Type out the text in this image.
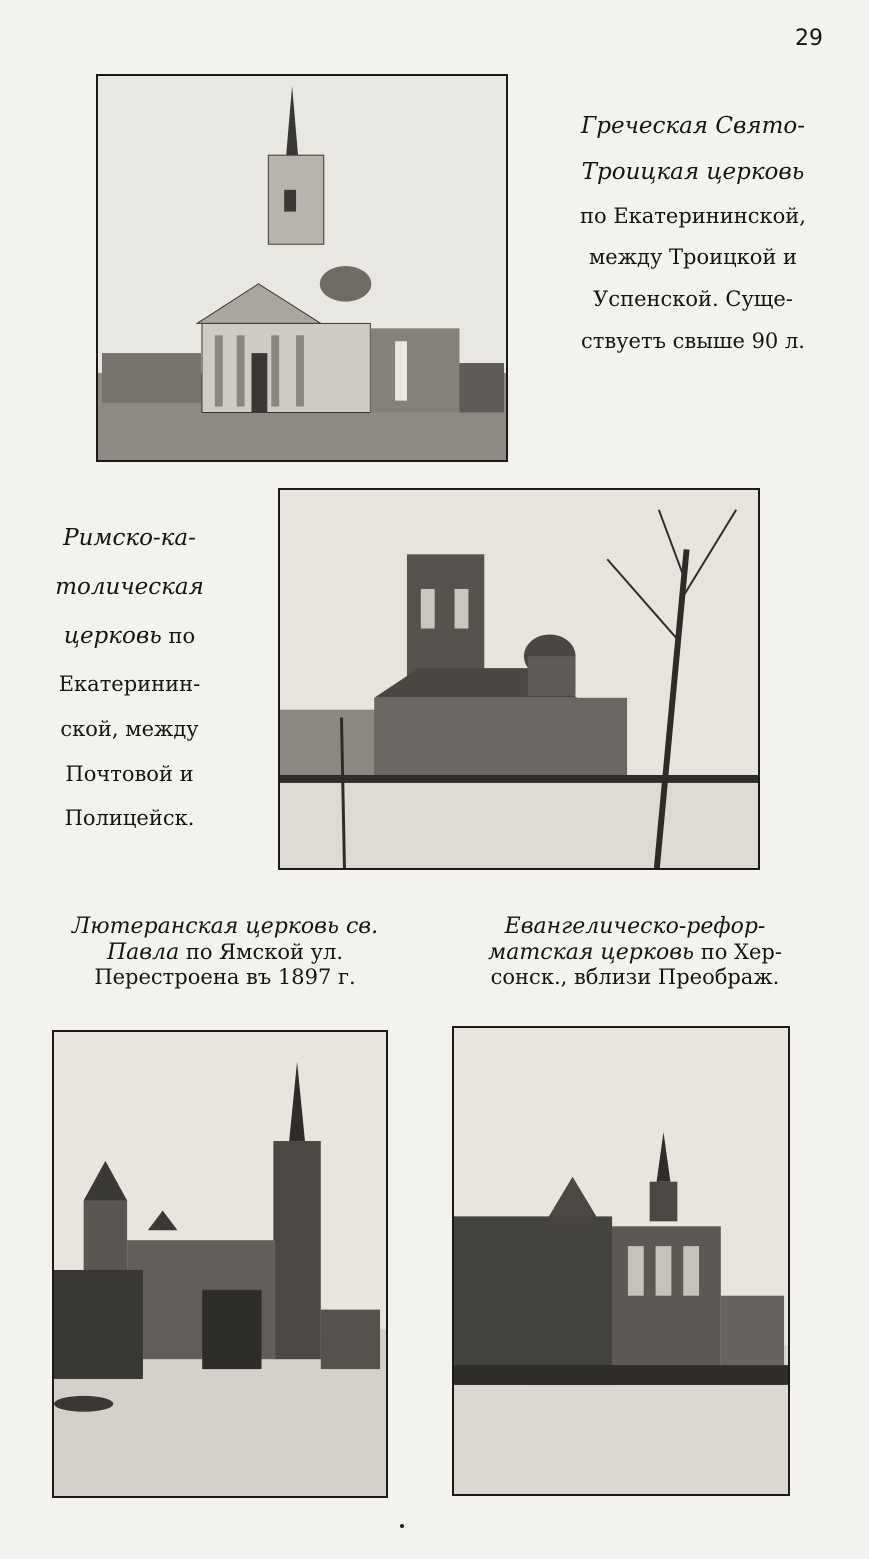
29
Греческая Свято-
Троицкая церковь
по Екатерининской,
между Троицкой и
Успенской. Суще-
ствуетъ свыше 90 л.
Римско-ка-
толическая
церковь по
Екатеринин-
ской, между
Почтовой и
Полицейск.
Лютеранская церковь св.
Павла по Ямской ул.
Перестроена въ 1897 г.
Евангелическо-рефор-
матская церковь по Хер-
сонск., вблизи Преображ.
